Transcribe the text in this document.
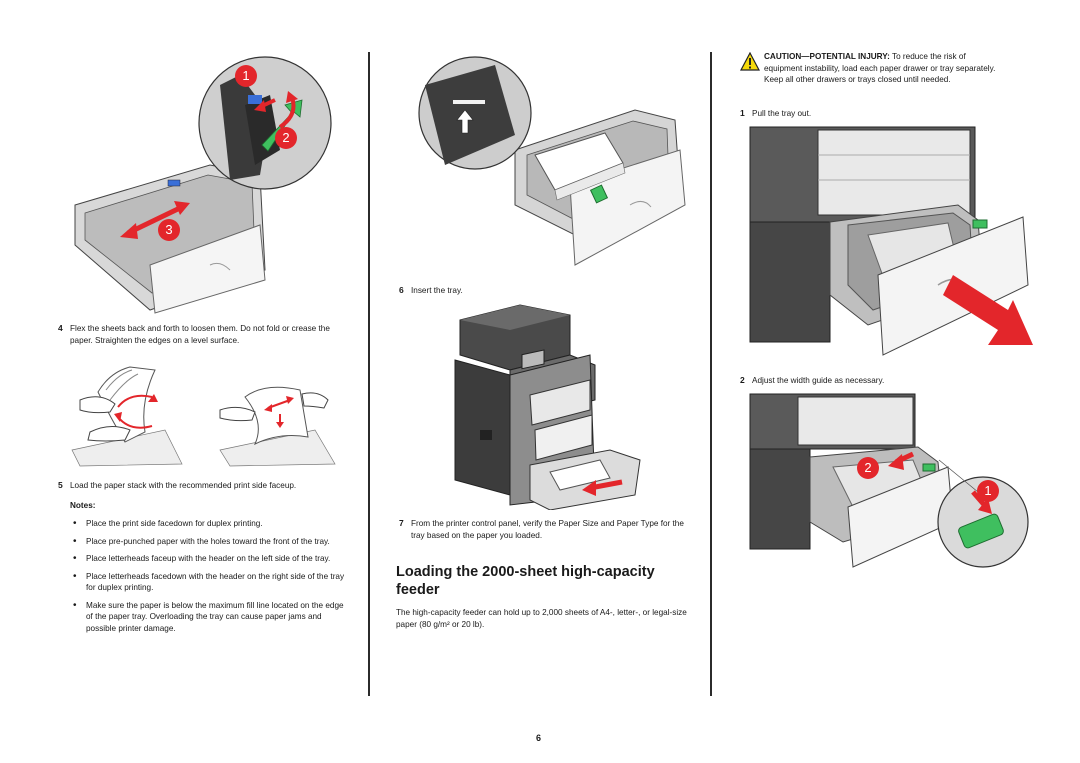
1
2
3
4 Flex the sheets back and forth to loosen them. Do not fold or crease the paper. Straighten the edges on a level surface.
5 Load the paper stack with the recommended print side faceup.
Notes:
• Place the print side facedown for duplex printing.
• Place pre-punched paper with the holes toward the front of the tray.
• Place letterheads faceup with the header on the left side of the tray.
• Place letterheads facedown with the header on the right side of the tray for duplex printing.
• Make sure the paper is below the maximum fill line located on the edge of the paper tray. Overloading the tray can cause paper jams and possible printer damage.
6 Insert the tray.
7 From the printer control panel, verify the Paper Size and Paper Type for the tray based on the paper you loaded.
Loading the 2000-sheet high-capacity feeder
The high-capacity feeder can hold up to 2,000 sheets of A4-, letter-, or legal-size paper (80 g/m² or 20 lb).
CAUTION—POTENTIAL INJURY: To reduce the risk of equipment instability, load each paper drawer or tray separately. Keep all other drawers or trays closed until needed.
1 Pull the tray out.
2 Adjust the width guide as necessary.
2
1
6
